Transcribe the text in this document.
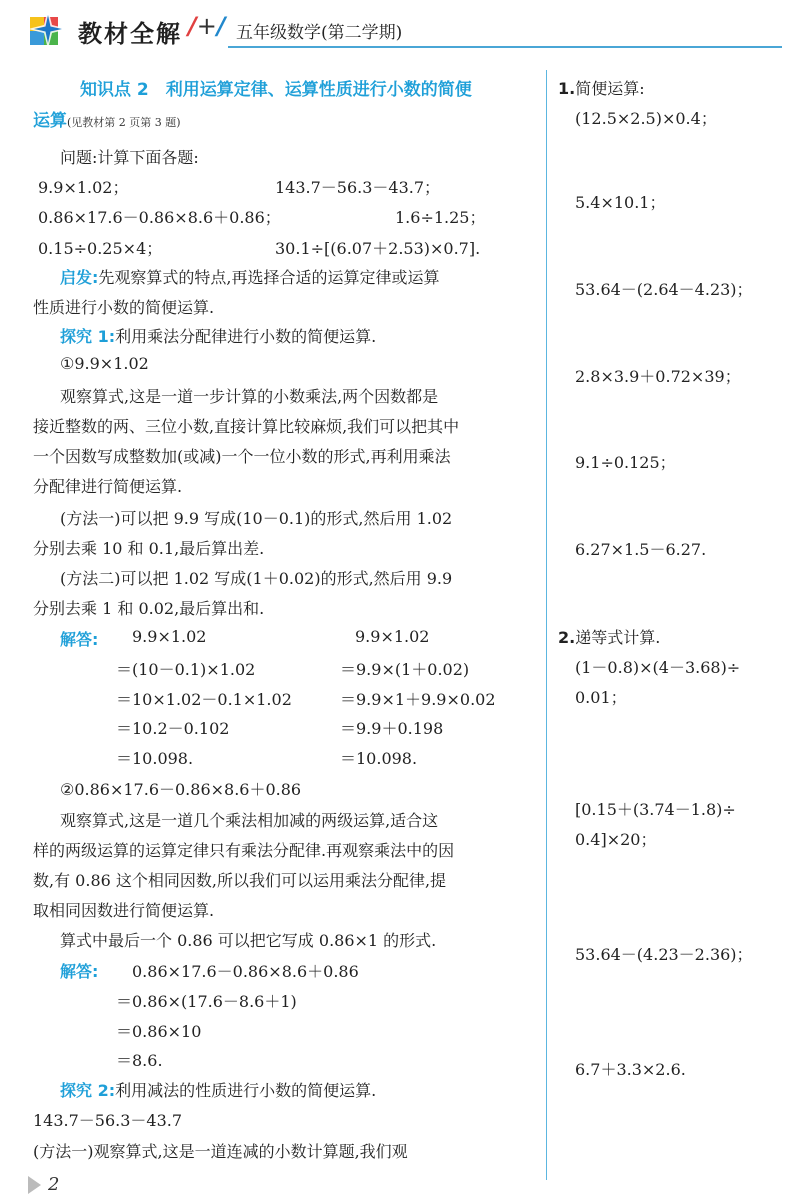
教材全解 /+/ 五年级数学(第二学期)
知识点 2　利用运算定律、运算性质进行小数的简便
运算(见教材第 2 页第 3 题)
问题:计算下面各题:
9.9×1.02；	143.7－56.3－43.7；
0.86×17.6－0.86×8.6＋0.86；	1.6÷1.25；
0.15÷0.25×4；	30.1÷[(6.07＋2.53)×0.7].
启发:先观察算式的特点,再选择合适的运算定律或运算
性质进行小数的简便运算.
探究 1:利用乘法分配律进行小数的简便运算.
①9.9×1.02
观察算式,这是一道一步计算的小数乘法,两个因数都是
接近整数的两、三位小数,直接计算比较麻烦,我们可以把其中
一个因数写成整数加(或减)一个一位小数的形式,再利用乘法
分配律进行简便运算.
(方法一)可以把 9.9 写成(10－0.1)的形式,然后用 1.02
分别去乘 10 和 0.1,最后算出差.
(方法二)可以把 1.02 写成(1＋0.02)的形式,然后用 9.9
分别去乘 1 和 0.02,最后算出和.
解答: 9.9×1.02	9.9×1.02
＝(10－0.1)×1.02	＝9.9×(1＋0.02)
＝10×1.02－0.1×1.02	＝9.9×1＋9.9×0.02
＝10.2－0.102	＝9.9＋0.198
＝10.098.	＝10.098.
②0.86×17.6－0.86×8.6＋0.86
观察算式,这是一道几个乘法相加减的两级运算,适合这
样的两级运算的运算定律只有乘法分配律.再观察乘法中的因
数,有 0.86 这个相同因数,所以我们可以运用乘法分配律,提
取相同因数进行简便运算.
算式中最后一个 0.86 可以把它写成 0.86×1 的形式.
解答: 0.86×17.6－0.86×8.6＋0.86
＝0.86×(17.6－8.6＋1)
＝0.86×10
＝8.6.
探究 2:利用减法的性质进行小数的简便运算.
143.7－56.3－43.7
(方法一)观察算式,这是一道连减的小数计算题,我们观
1.简便运算:
(12.5×2.5)×0.4；
5.4×10.1；
53.64－(2.64－4.23)；
2.8×3.9＋0.72×39；
9.1÷0.125；
6.27×1.5－6.27.
2.递等式计算.
(1－0.8)×(4－3.68)÷
0.01；
[0.15＋(3.74－1.8)÷
0.4]×20；
53.64－(4.23－2.36)；
6.7＋3.3×2.6.
2
